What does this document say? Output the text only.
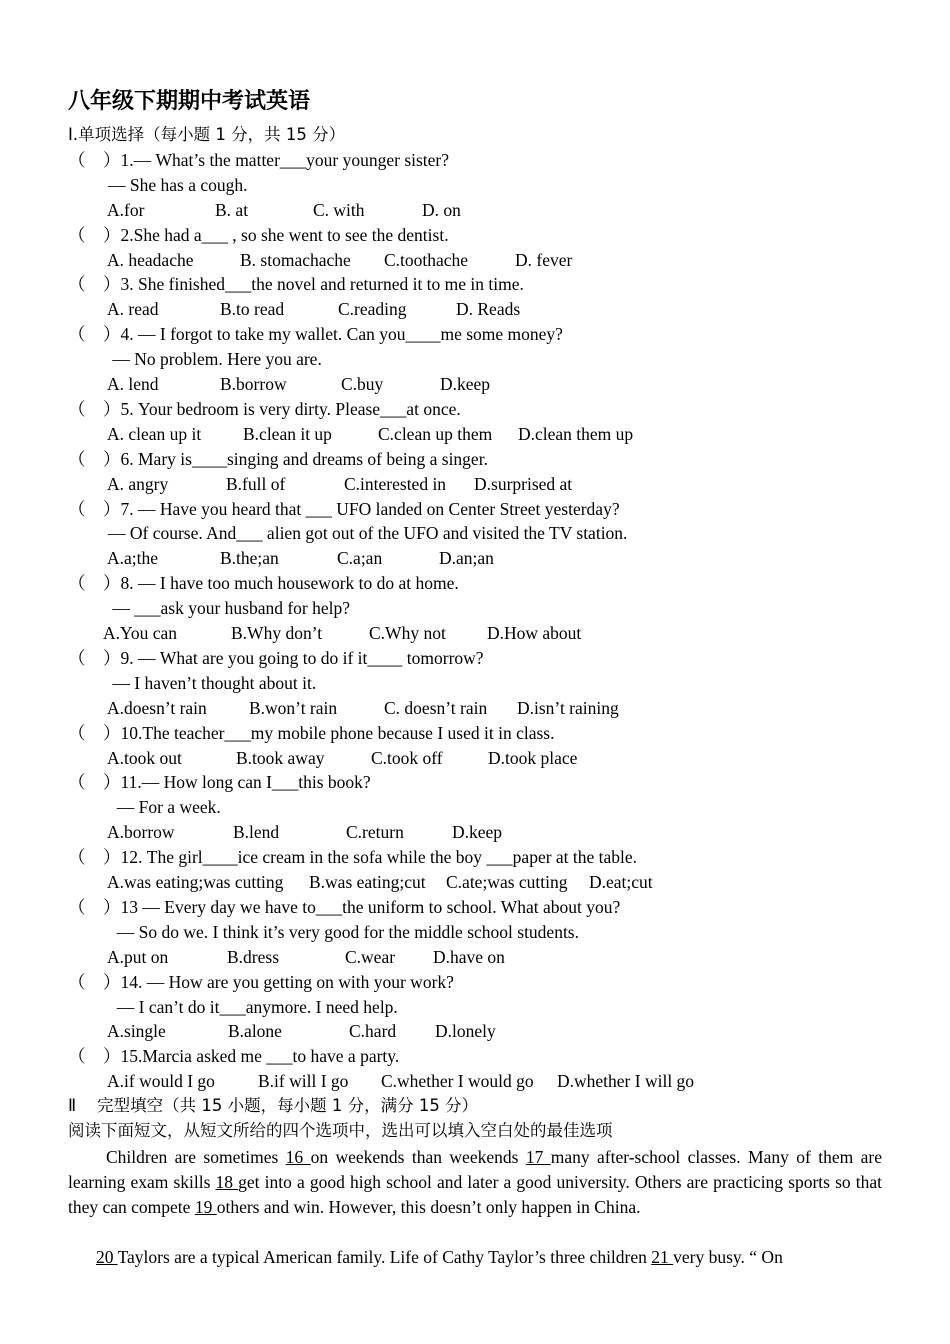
八年级下期期中考试英语
Ⅰ.单项选择（每小题 1 分，共 15 分）
（    ）1.— What’s the matter___your younger sister?
— She has a cough.
A.for	B. at	C. with	D. on
（    ）2.She had a___ , so she went to see the dentist.
A. headache	B. stomachache C.toothache	D. fever
（    ）3. She finished___the novel and returned it to me in time.
A. read	B.to read	C.reading	D. Reads
（    ）4. — I forgot to take my wallet. Can you____me some money?
— No problem. Here you are.
A. lend	B.borrow	C.buy	D.keep
（    ）5. Your bedroom is very dirty. Please___at once.
A. clean up it B.clean it up	C.clean up them D.clean them up
（    ）6. Mary is____singing and dreams of being a singer.
A. angry	B.full of	C.interested in D.surprised at
（    ）7. — Have you heard that ___ UFO landed on Center Street yesterday?
— Of course. And___ alien got out of the UFO and visited the TV station.
A.a;the	B.the;an	C.a;an	D.an;an
（    ）8. — I have too much housework to do at home.
— ___ask your husband for help?
A.You can	B.Why don’t	C.Why not D.How about
（    ）9. — What are you going to do if it____ tomorrow?
— I haven’t thought about it.
A.doesn’t rain B.won’t rain	C. doesn’t rain D.isn’t raining
（    ）10.The teacher___my mobile phone because I used it in class.
A.took out	B.took away	C.took off	D.took place
（    ）11.— How long can I___this book?
— For a week.
A.borrow	B.lend	C.return	D.keep
（    ）12. The girl____ice cream in the sofa while the boy ___paper at the table.
A.was eating;was cutting B.was eating;cut C.ate;was cutting D.eat;cut
（    ）13 — Every day we have to___the uniform to school. What about you?
— So do we. I think it’s very good for the middle school students.
A.put on	B.dress	C.wear D.have on
（    ）14. — How are you getting on with your work?
— I can’t do it___anymore. I need help.
A.single	B.alone	C.hard D.lonely
（    ）15.Marcia asked me ___to have a party.
A.if would I go B.if will I go C.whether I would go D.whether I will go
Ⅱ    完型填空（共 15 小题，每小题 1 分，满分 15 分）
阅读下面短文，从短文所给的四个选项中，选出可以填入空白处的最佳选项
Children are sometimes 16 on weekends than weekends 17 many after-school classes. Many of them are learning exam skills 18 get into a good high school and later a good university. Others are practicing sports so that they can compete 19 others and win. However, this doesn’t only happen in China.
20 Taylors are a typical American family. Life of Cathy Taylor’s three children 21 very busy. “ On
